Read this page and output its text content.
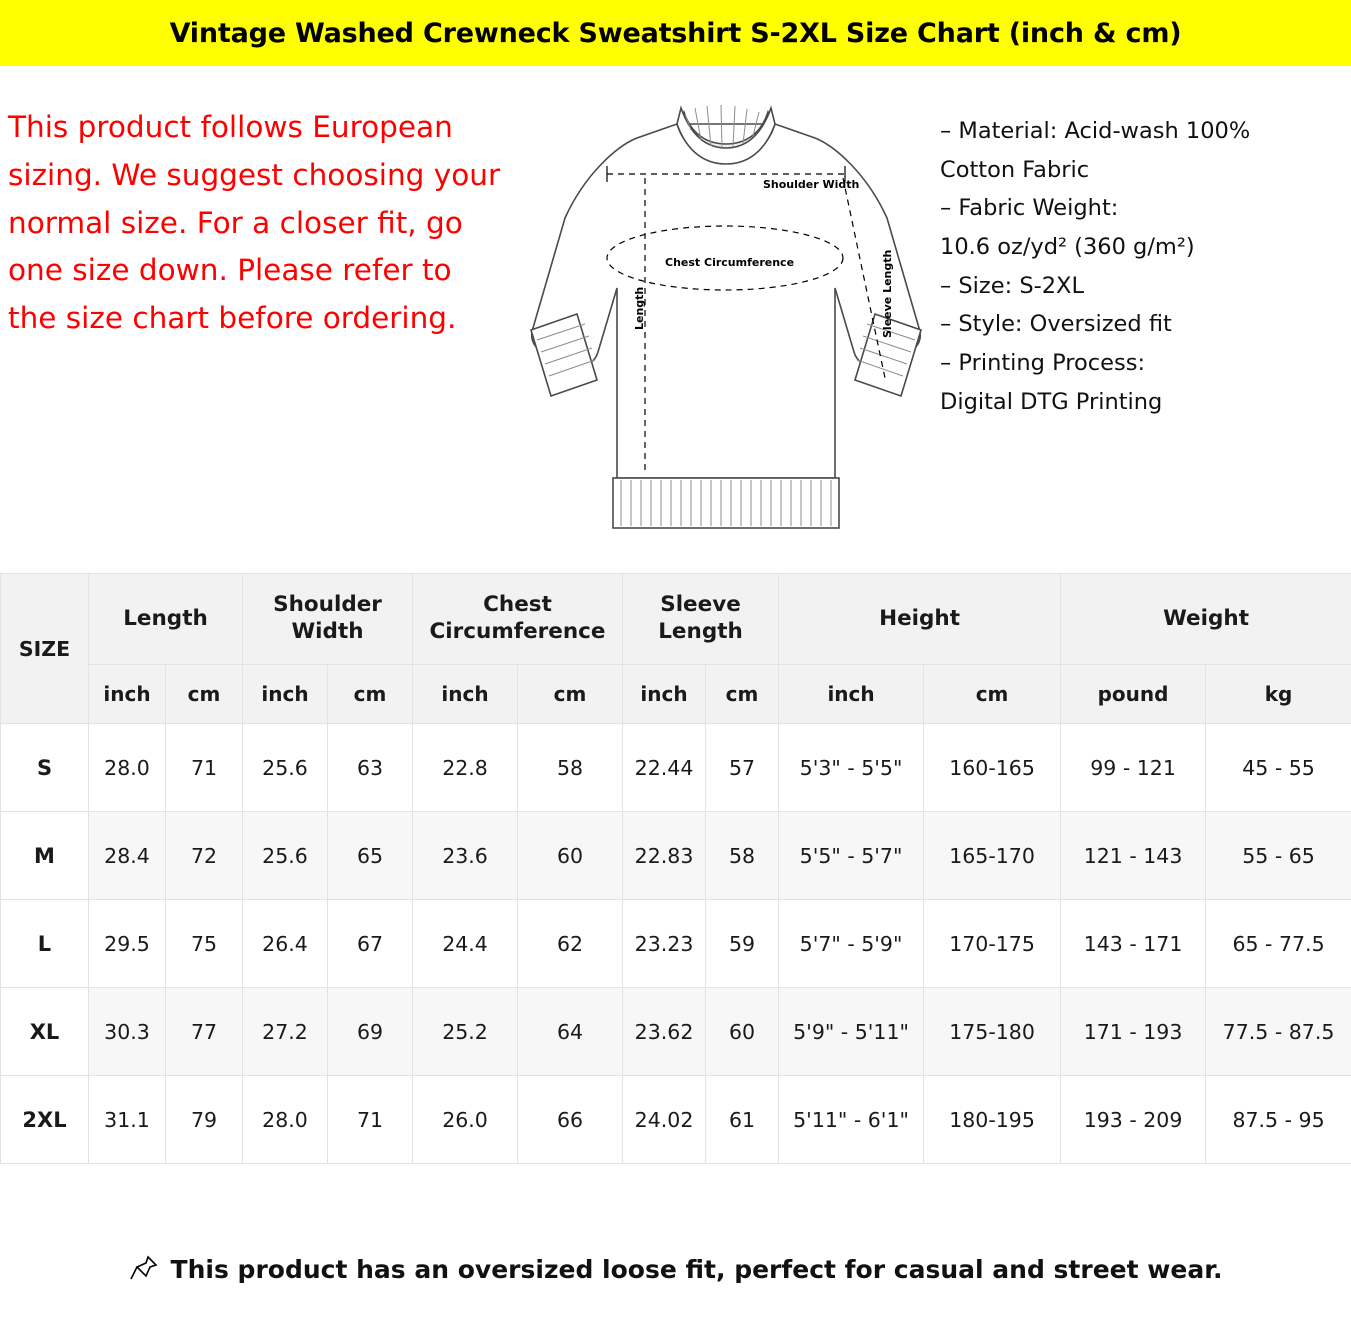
Vintage Washed Crewneck Sweatshirt S-2XL Size Chart (inch & cm)
This product follows European sizing. We suggest choosing your normal size. For a closer fit, go one size down. Please refer to the size chart before ordering.
Shoulder Width
Chest Circumference
Length	Sleeve Length
– Material: Acid-wash 100%
Cotton Fabric
– Fabric Weight:
10.6 oz/yd² (360 g/m²)
– Size: S-2XL
– Style: Oversized fit
– Printing Process:
Digital DTG Printing
SIZE	Length		Shoulder Width		Chest Circumference		Sleeve Length		Height		Weight	
	inch	cm	inch	cm	inch	cm	inch	cm	inch	cm	pound	kg
S	28.0	71	25.6	63	22.8	58	22.44	57	5'3" - 5'5"	160-165	99 - 121	45 - 55
M	28.4	72	25.6	65	23.6	60	22.83	58	5'5" - 5'7"	165-170	121 - 143	55 - 65
L	29.5	75	26.4	67	24.4	62	23.23	59	5'7" - 5'9"	170-175	143 - 171	65 - 77.5
XL	30.3	77	27.2	69	25.2	64	23.62	60	5'9" - 5'11"	175-180	171 - 193	77.5 - 87.5
2XL	31.1	79	28.0	71	26.0	66	24.02	61	5'11" - 6'1"	180-195	193 - 209	87.5 - 95
This product has an oversized loose fit, perfect for casual and street wear.
